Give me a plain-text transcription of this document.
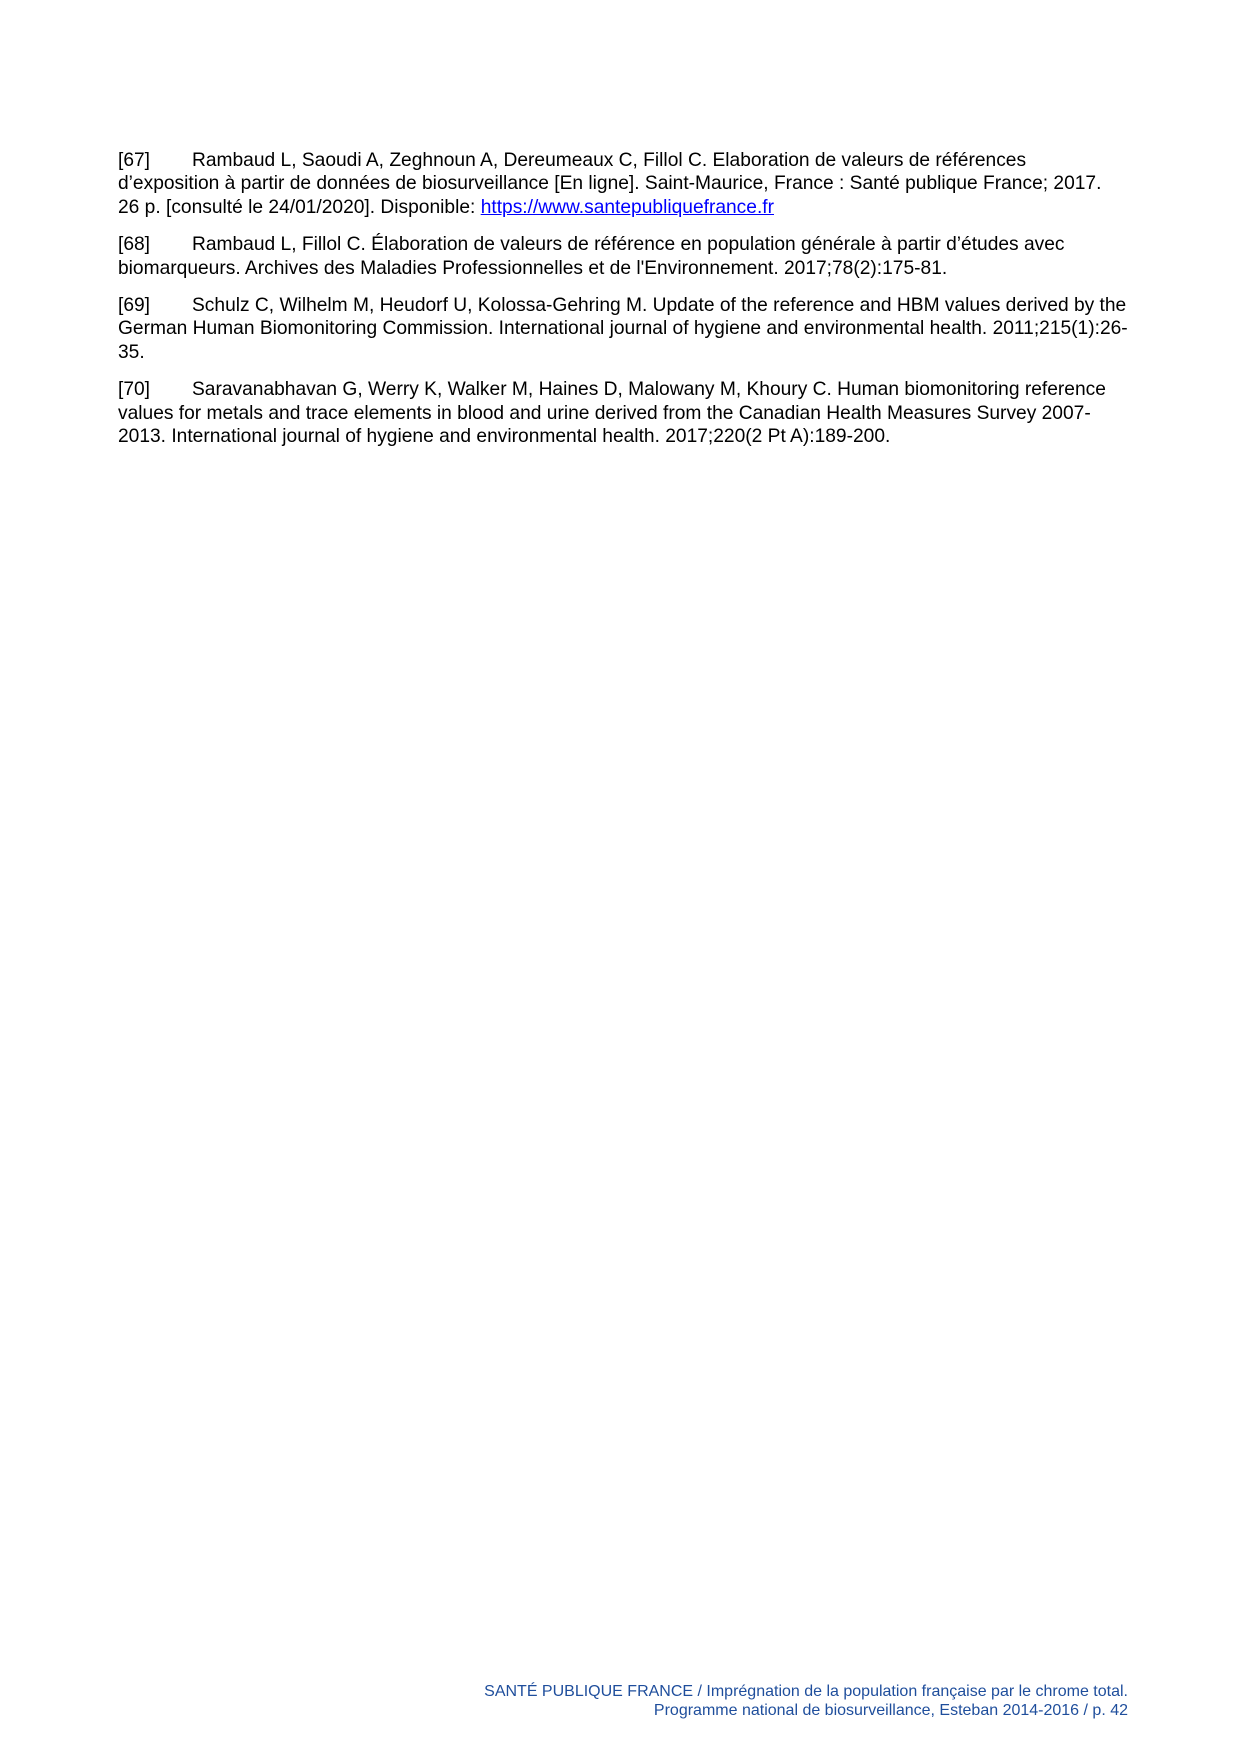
[67] Rambaud L, Saoudi A, Zeghnoun A, Dereumeaux C, Fillol C. Elaboration de valeurs de références d’exposition à partir de données de biosurveillance [En ligne]. Saint-Maurice, France : Santé publique France; 2017. 26 p. [consulté le 24/01/2020]. Disponible: https://www.santepubliquefrance.fr

[68] Rambaud L, Fillol C. Élaboration de valeurs de référence en population générale à partir d’études avec biomarqueurs. Archives des Maladies Professionnelles et de l'Environnement. 2017;78(2):175-81.

[69] Schulz C, Wilhelm M, Heudorf U, Kolossa-Gehring M. Update of the reference and HBM values derived by the German Human Biomonitoring Commission. International journal of hygiene and environmental health. 2011;215(1):26-35.

[70] Saravanabhavan G, Werry K, Walker M, Haines D, Malowany M, Khoury C. Human biomonitoring reference values for metals and trace elements in blood and urine derived from the Canadian Health Measures Survey 2007-2013. International journal of hygiene and environmental health. 2017;220(2 Pt A):189-200.

SANTÉ PUBLIQUE FRANCE / Imprégnation de la population française par le chrome total.
Programme national de biosurveillance, Esteban 2014-2016 / p. 42
